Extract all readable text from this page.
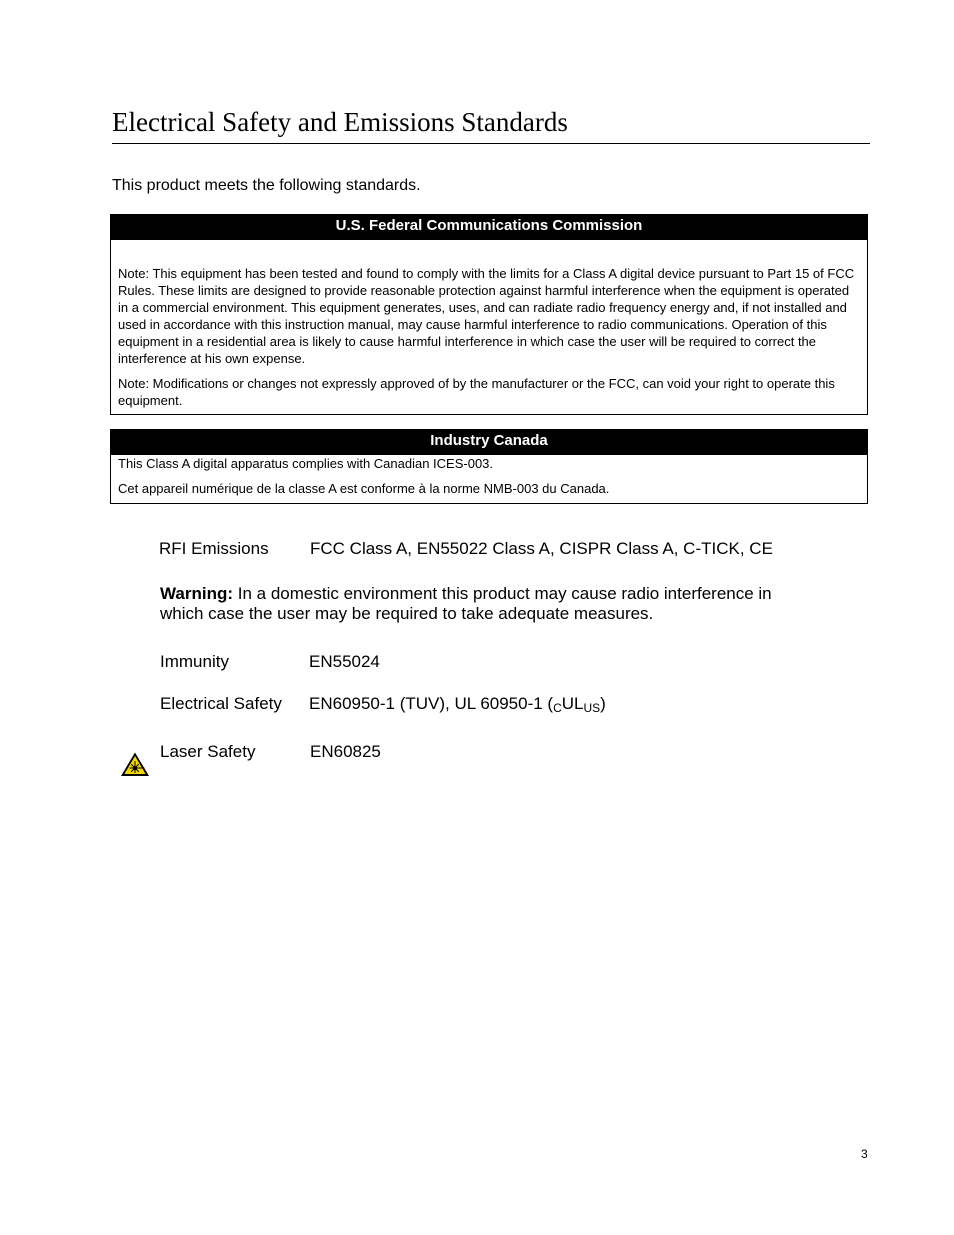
Electrical Safety and Emissions Standards
This product meets the following standards.
U.S. Federal Communications Commission

Note: This equipment has been tested and found to comply with the limits for a Class A digital device pursuant to Part 15 of FCC Rules. These limits are designed to provide reasonable protection against harmful interference when the equipment is operated in a commercial environment. This equipment generates, uses, and can radiate radio frequency energy and, if not installed and used in accordance with this instruction manual, may cause harmful interference to radio communications. Operation of this equipment in a residential area is likely to cause harmful interference in which case the user will be required to correct the interference at his own expense.

Note: Modifications or changes not expressly approved of by the manufacturer or the FCC, can void your right to operate this equipment.

Industry Canada

This Class A digital apparatus complies with Canadian ICES-003.

Cet appareil numérique de la classe A est conforme à la norme NMB-003 du Canada.

RFI Emissions FCC Class A, EN55022 Class A, CISPR Class A, C-TICK, CE
Warning: In a domestic environment this product may cause radio interference in which case the user may be required to take adequate measures.
Immunity	EN55024
Electrical Safety EN60950-1 (TUV), UL 60950-1 $(_CUL_{US})$
Laser Safety	EN60825
3
